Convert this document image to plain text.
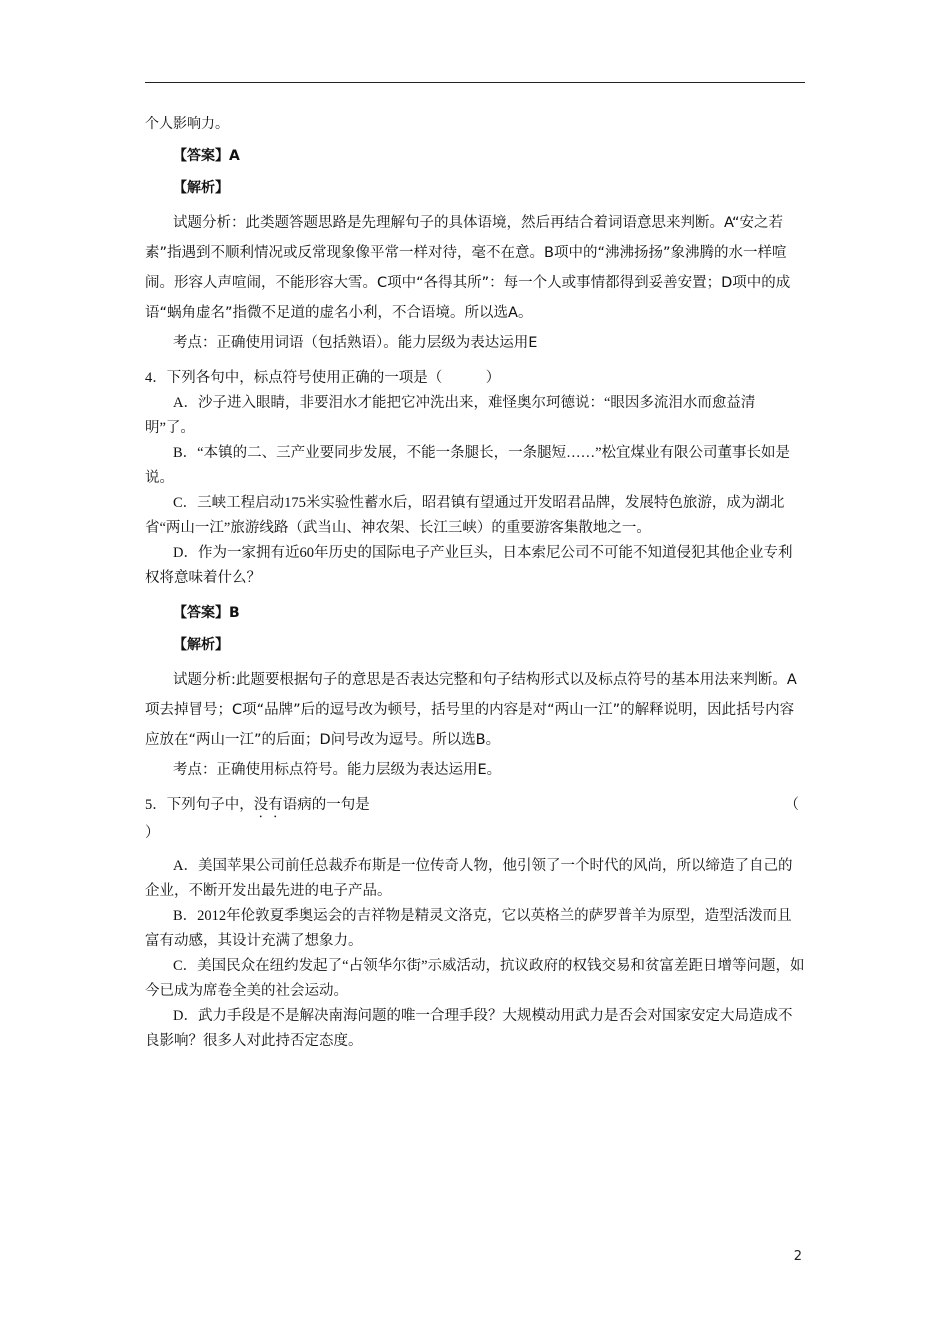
个人影响力。

【答案】A

【解析】

试题分析：此类题答题思路是先理解句子的具体语境，然后再结合着词语意思来判断。A“安之若素”指遇到不顺利情况或反常现象像平常一样对待，毫不在意。B项中的“沸沸扬扬”象沸腾的水一样喧闹。形容人声喧闹，不能形容大雪。C项中“各得其所”：每一个人或事情都得到妥善安置；D项中的成语“蜗角虚名”指微不足道的虚名小利，不合语境。所以选A。

考点：正确使用词语（包括熟语）。能力层级为表达运用E

4．下列各句中，标点符号使用正确的一项是（　　　）

A．沙子进入眼睛，非要泪水才能把它冲洗出来，难怪奥尔珂德说：“眼因多流泪水而愈益清明”了。

B．“本镇的二、三产业要同步发展，不能一条腿长，一条腿短……”松宜煤业有限公司董事长如是说。

C．三峡工程启动175米实验性蓄水后，昭君镇有望通过开发昭君品牌，发展特色旅游，成为湖北省“两山一江”旅游线路（武当山、神农架、长江三峡）的重要游客集散地之一。

D．作为一家拥有近60年历史的国际电子产业巨头，日本索尼公司不可能不知道侵犯其他企业专利权将意味着什么？

【答案】B

【解析】

试题分析:此题要根据句子的意思是否表达完整和句子结构形式以及标点符号的基本用法来判断。A项去掉冒号；C项“品牌”后的逗号改为顿号，括号里的内容是对“两山一江”的解释说明，因此括号内容应放在“两山一江”的后面；D问号改为逗号。所以选B。

考点：正确使用标点符号。能力层级为表达运用E。

5．下列句子中，没有语病的一句是	（

）

A．美国苹果公司前任总裁乔布斯是一位传奇人物，他引领了一个时代的风尚，所以缔造了自己的企业，不断开发出最先进的电子产品。

B．2012年伦敦夏季奥运会的吉祥物是精灵文洛克，它以英格兰的萨罗普羊为原型，造型活泼而且富有动感，其设计充满了想象力。

C．美国民众在纽约发起了“占领华尔街”示威活动，抗议政府的权钱交易和贫富差距日增等问题，如今已成为席卷全美的社会运动。

D．武力手段是不是解决南海问题的唯一合理手段？大规模动用武力是否会对国家安定大局造成不良影响？很多人对此持否定态度。

2
